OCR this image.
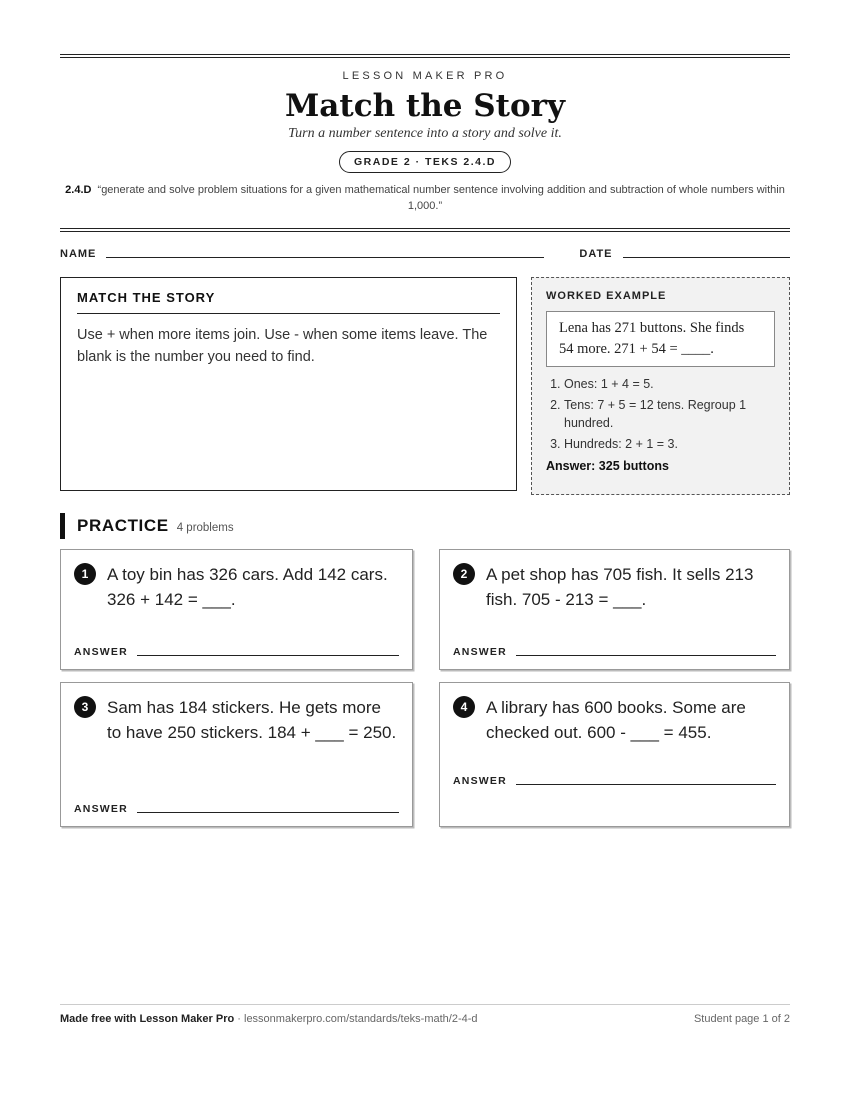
LESSON MAKER PRO
Match the Story
Turn a number sentence into a story and solve it.
GRADE 2 · TEKS 2.4.D
2.4.D “generate and solve problem situations for a given mathematical number sentence involving addition and subtraction of whole numbers within 1,000.”
NAME	DATE
MATCH THE STORY
Use + when more items join. Use - when some items leave. The blank is the number you need to find.
WORKED EXAMPLE
Lena has 271 buttons. She finds 54 more. 271 + 54 = ____.
1. Ones: 1 + 4 = 5.
2. Tens: 7 + 5 = 12 tens. Regroup 1 hundred.
3. Hundreds: 2 + 1 = 3.
Answer: 325 buttons
PRACTICE 4 problems
1	A toy bin has 326 cars. Add 142 cars. 326 + 142 = ___.
ANSWER
2	A pet shop has 705 fish. It sells 213 fish. 705 - 213 = ___.
ANSWER
3	Sam has 184 stickers. He gets more to have 250 stickers. 184 + ___ = 250.
ANSWER
4	A library has 600 books. Some are checked out. 600 - ___ = 455.
ANSWER
Made free with Lesson Maker Pro · lessonmakerpro.com/standards/teks-math/2-4-d	Student page 1 of 2
